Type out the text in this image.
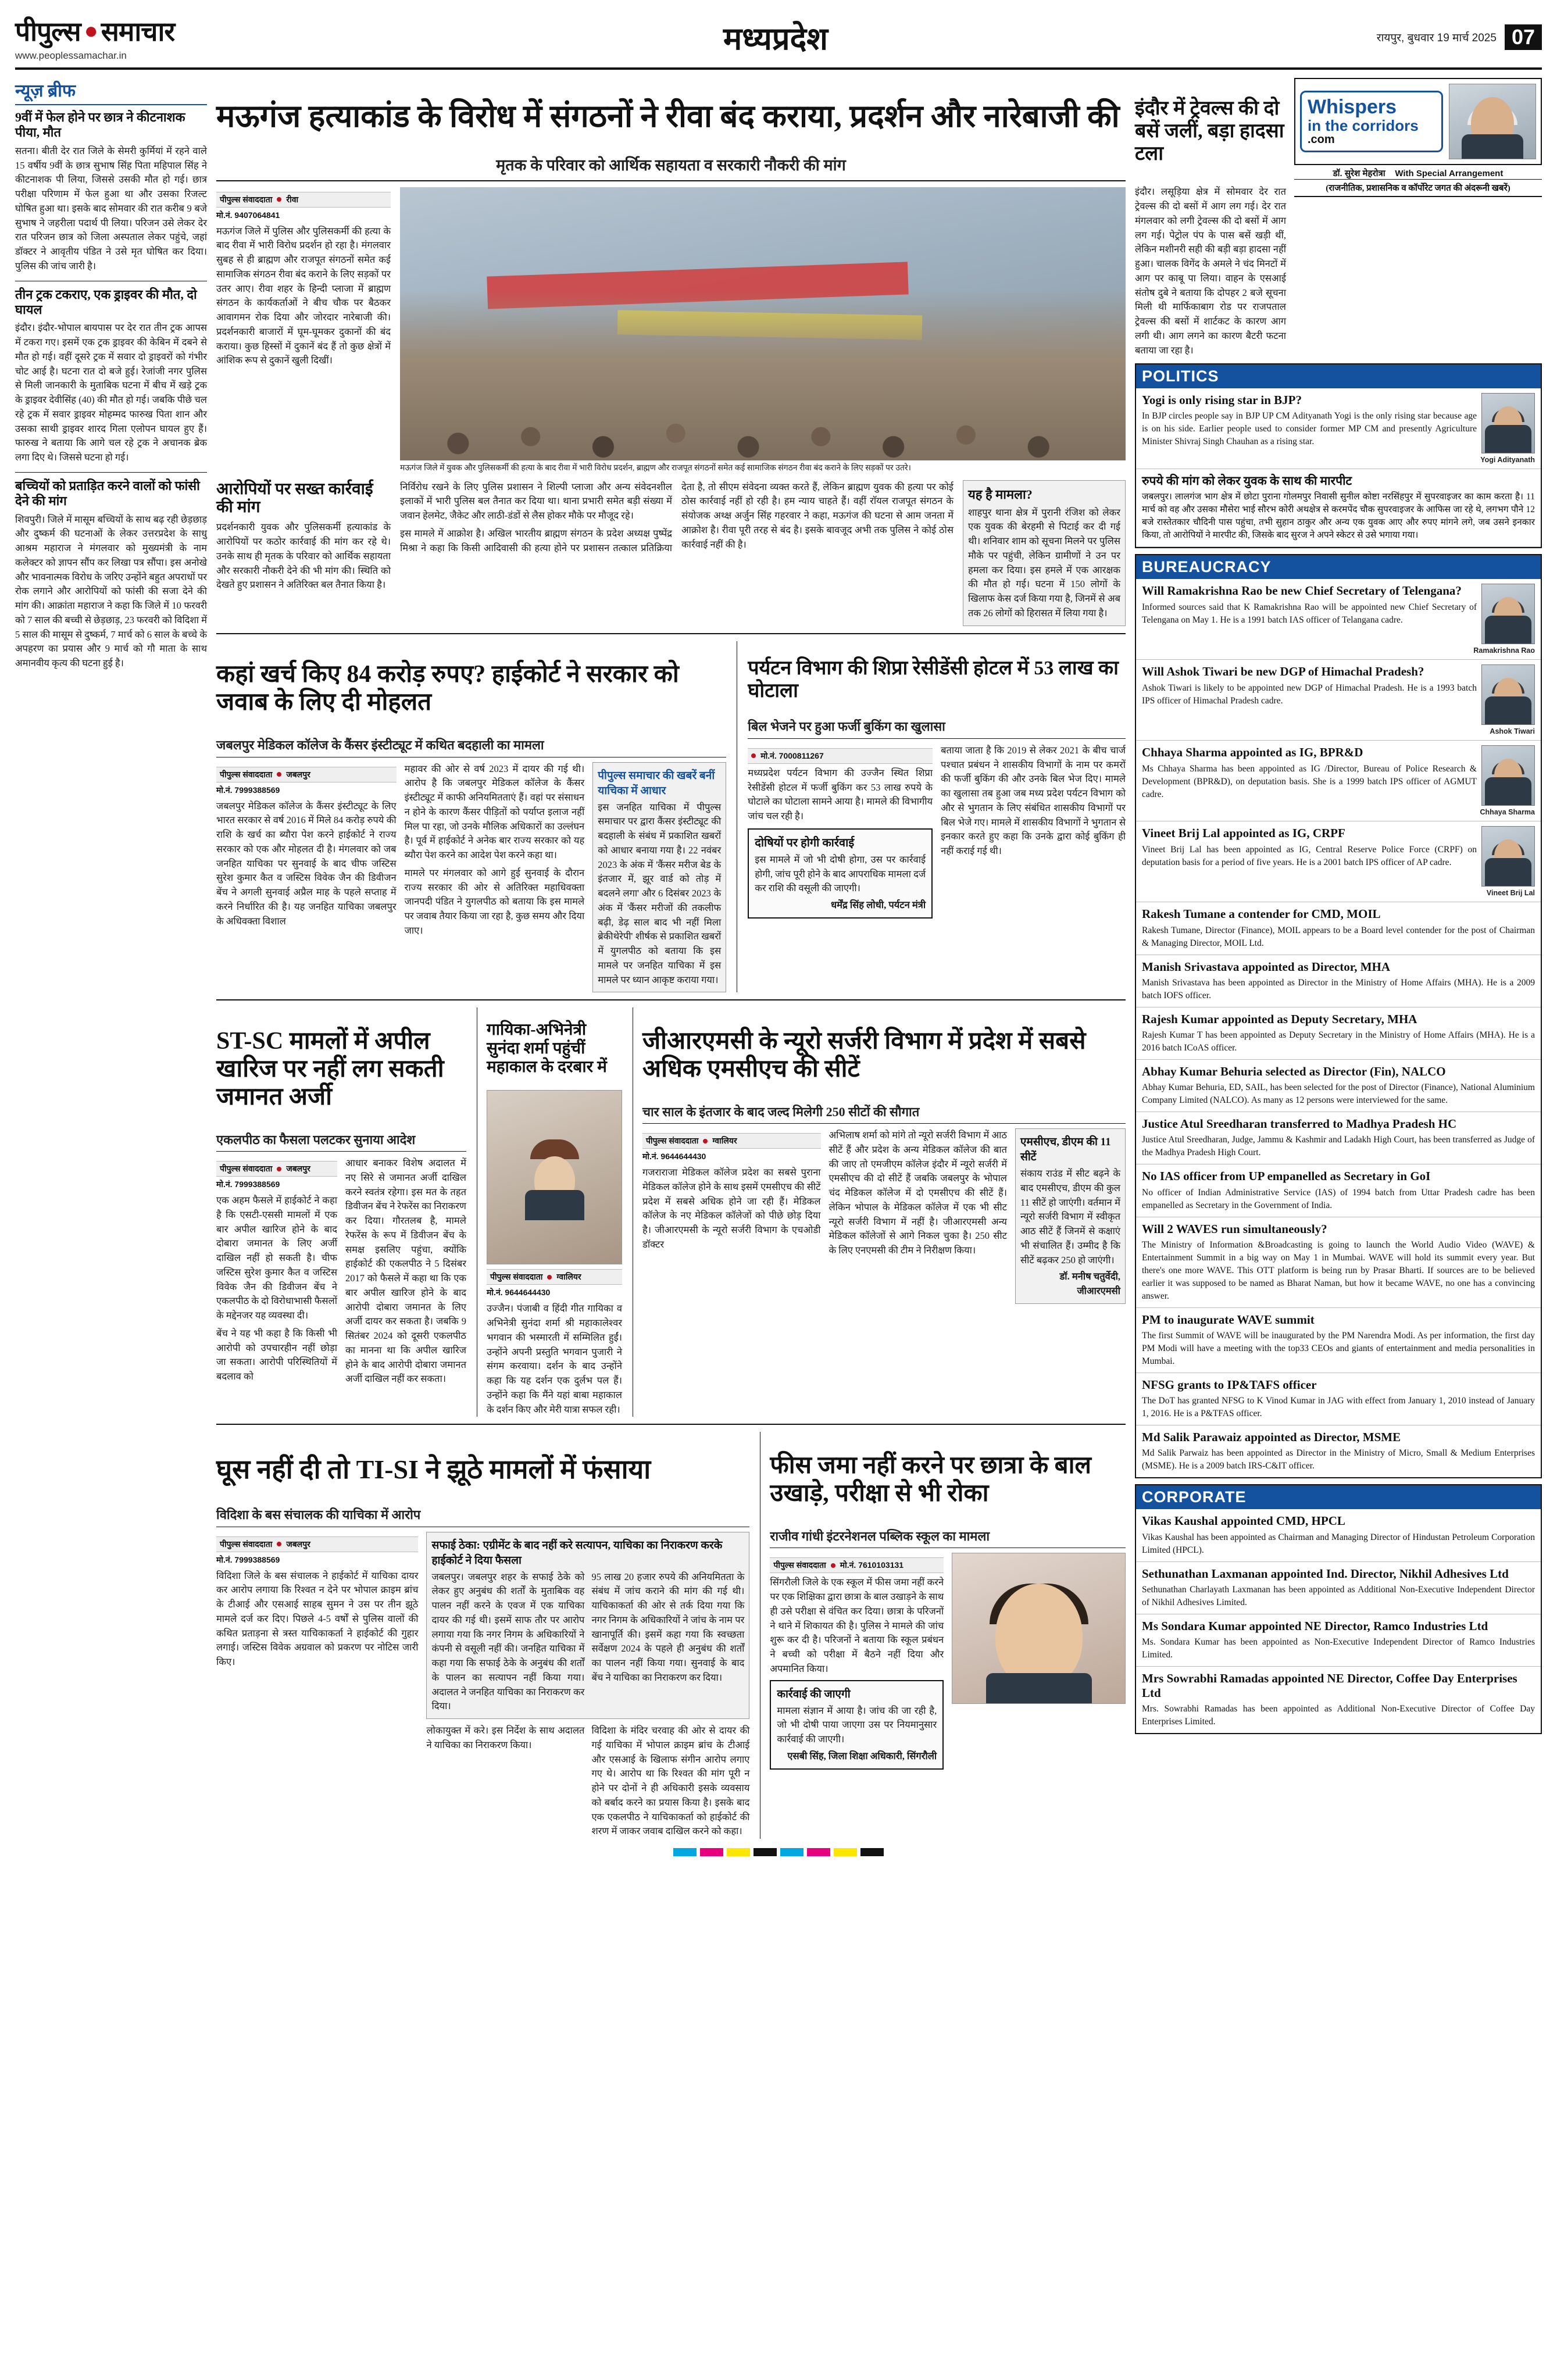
पीपुल्स ● समाचार
www.peoplessamachar.in	मध्यप्रदेश	रायपुर, बुधवार 19 मार्च 2025 07
न्यूज़ ब्रीफ
9वीं में फेल होने पर छात्र ने कीटनाशक पीया, मौत
सतना। बीती देर रात जिले के सेमरी कुर्मियां में रहने वाले 15 वर्षीय 9वीं के छात्र सुभाष सिंह पिता महिपाल सिंह ने कीटनाशक पी लिया, जिससे उसकी मौत हो गई। छात्र परीक्षा परिणाम में फेल हुआ था और उसका रिजल्ट घोषित हुआ था। इसके बाद सोमवार की रात करीब 9 बजे सुभाष ने जहरीला पदार्थ पी लिया। परिजन उसे लेकर देर रात परिजन छात्र को जिला अस्पताल लेकर पहुंचे, जहां डॉक्टर ने आवृतीय पंडित ने उसे मृत घोषित कर दिया। पुलिस की जांच जारी है।
तीन ट्रक टकराए, एक ड्राइवर की मौत, दो घायल
इंदौर। इंदौर-भोपाल बायपास पर देर रात तीन ट्रक आपस में टकरा गए। इसमें एक ट्रक ड्राइवर की केबिन में दबने से मौत हो गई। वहीं दूसरे ट्रक में सवार दो ड्राइवरों को गंभीर चोट आई है। घटना रात दो बजे हुई। रेजांजी नगर पुलिस से मिली जानकारी के मुताबिक घटना में बीच में खड़े ट्रक के ड्राइवर देवीसिंह (40) की मौत हो गई। जबकि पीछे चल रहे ट्रक में सवार ड्राइवर मोहम्मद फारुख पिता शान और उसका साथी ड्राइवर शारद गिला एलोपन घायल हुए हैं। फारुख ने बताया कि आगे चल रहे ट्रक ने अचानक ब्रेक लगा दिए थे। जिससे घटना हो गई।
बच्चियों को प्रताड़ित करने वालों को फांसी देने की मांग
शिवपुरी। जिले में मासूम बच्चियों के साथ बढ़ रही छेड़छाड़ और दुष्कर्म की घटनाओं के लेकर उत्तरप्रदेश के साधु आश्रम महाराज ने मंगलवार को मुख्यमंत्री के नाम कलेक्टर को ज्ञापन सौंप कर लिखा पत्र सौंपा। इस अनोखे और भावनात्मक विरोध के जरिए उन्होंने बहुत अपराधों पर रोक लगाने और आरोपियों को फांसी की सजा देने की मांग की। आक्रांता महाराज ने कहा कि जिले में 10 फरवरी को 7 साल की बच्ची से छेड़छाड़, 23 फरवरी को विदिशा में 5 साल की मासूम से दुष्कर्म, 7 मार्च को 6 साल के बच्चे के अपहरण का प्रयास और 9 मार्च को गौ माता के साथ अमानवीय कृत्य की घटना हुई है।
मऊगंज हत्याकांड के विरोध में संगठनों ने रीवा बंद कराया, प्रदर्शन और नारेबाजी की
मृतक के परिवार को आर्थिक सहायता व सरकारी नौकरी की मांग
पीपुल्स संवाददाता रीवा
मो.नं. 9407064841
मऊगंज जिले में पुलिस और पुलिसकर्मी की हत्या के बाद रीवा में भारी विरोध प्रदर्शन हो रहा है। मंगलवार सुबह से ही ब्राह्मण और राजपूत संगठनों समेत कई सामाजिक संगठन रीवा बंद कराने के लिए सड़कों पर उतर आए। रीवा शहर के हिन्दी प्लाजा में ब्राह्मण संगठन के कार्यकर्ताओं ने बीच चौक पर बैठकर आवागमन रोक दिया और जोरदार नारेबाजी की। प्रदर्शनकारी बाजारों में घूम-घूमकर दुकानों की बंद कराया। कुछ हिस्सों में दुकानें बंद हैं तो कुछ क्षेत्रों में आंशिक रूप से दुकानें खुली दिखीं।
मऊगंज जिले में युवक और पुलिसकर्मी की हत्या के बाद रीवा में भारी विरोध प्रदर्शन, ब्राह्मण और राजपूत संगठनों समेत कई सामाजिक संगठन रीवा बंद कराने के लिए सड़कों पर उतरे।
आरोपियों पर सख्त कार्रवाई की मांग
प्रदर्शनकारी युवक और पुलिसकर्मी हत्याकांड के आरोपियों पर कठोर कार्रवाई की मांग कर रहे थे। उनके साथ ही मृतक के परिवार को आर्थिक सहायता और सरकारी नौकरी देने की भी मांग की। स्थिति को देखते हुए प्रशासन ने अतिरिक्त बल तैनात किया है।
निर्विरोध रखने के लिए पुलिस प्रशासन ने शिल्पी प्लाजा और अन्य संवेदनशील इलाकों में भारी पुलिस बल तैनात कर दिया था। थाना प्रभारी समेत बड़ी संख्या में जवान हेलमेट, जैकेट और लाठी-डंडों से लैस होकर मौके पर मौजूद रहे।
इस मामले में आक्रोश है। अखिल भारतीय ब्राह्मण संगठन के प्रदेश अध्यक्ष पुष्पेंद्र मिश्रा ने कहा कि किसी आदिवासी की हत्या होने पर प्रशासन तत्काल प्रतिक्रिया देता है, तो सीएम संवेदना व्यक्त करते हैं, लेकिन ब्राह्मण युवक की हत्या पर कोई ठोस कार्रवाई नहीं हो रही है। हम न्याय चाहते हैं। वहीं राॅयल राजपूत संगठन के संयोजक अथ्क्ष अर्जुन सिंह गहरवार ने कहा, मऊगंज की घटना से आम जनता में आक्रोश है। रीवा पूरी तरह से बंद है। इसके बावजूद अभी तक पुलिस ने कोई ठोस कार्रवाई नहीं की है।
यह है मामला?
शाहपुर थाना क्षेत्र में पुरानी रंजिश को लेकर एक युवक की बेरहमी से पिटाई कर दी गई थी। शनिवार शाम को सूचना मिलने पर पुलिस मौके पर पहुंची, लेकिन ग्रामीणों ने उन पर हमला कर दिया। इस हमले में एक आरक्षक की मौत हो गई। घटना में 150 लोगों के खिलाफ केस दर्ज किया गया है, जिनमें से अब तक 26 लोगों को हिरासत में लिया गया है।
कहां खर्च किए 84 करोड़ रुपए? हाईकोर्ट ने सरकार को जवाब के लिए दी मोहलत
जबलपुर मेडिकल कॉलेज के कैंसर इंस्टीट्यूट में कथित बदहाली का मामला
पीपुल्स संवाददाता जबलपुर
मो.नं. 7999388569
जबलपुर मेडिकल कॉलेज के कैंसर इंस्टीट्यूट के लिए भारत सरकार से वर्ष 2016 में मिले 84 करोड़ रुपये की राशि के खर्च का ब्यौरा पेश करने हाईकोर्ट ने राज्य सरकार को एक और मोहलत दी है। मंगलवार को जब जनहित याचिका पर सुनवाई के बाद चीफ जस्टिस सुरेश कुमार कैत व जस्टिस विवेक जैन की डिवीजन बेंच ने अगली सुनवाई अप्रैल माह के पहले सप्ताह में करने निर्धारित की है। यह जनहित याचिका जबलपुर के अधिवक्ता विशाल
महावर की ओर से वर्ष 2023 में दायर की गई थी। आरोप है कि जबलपुर मेडिकल कॉलेज के कैंसर इंस्टीट्यूट में काफी अनियमितताएं हैं। वहां पर संसाधन न होने के कारण कैंसर पीड़ितों को पर्याप्त इलाज नहीं मिल पा रहा, जो उनके मौलिक अधिकारों का उल्लंघन है। पूर्व में हाईकोर्ट ने अनेक बार राज्य सरकार को यह ब्यौरा पेश करने का आदेश पेश करने कहा था।
मामले पर मंगलवार को आगे हुई सुनवाई के दौरान राज्य सरकार की ओर से अतिरिक्त महाधिवक्ता जानपदी पंडित ने युगलपीठ को बताया कि इस मामले पर जवाब तैयार किया जा रहा है, कुछ समय और दिया जाए।
पीपुल्स समाचार की खबरें बनीं याचिका में आधार
इस जनहित याचिका में पीपुल्स समाचार पर द्वारा कैंसर इंस्टीट्यूट की बदहाली के संबंध में प्रकाशित खबरों को आधार बनाया गया है। 22 नवंबर 2023 के अंक में 'कैंसर मरीज बेड के इंतजार में, झूर वार्ड को तोड़ में बदलने लगा' और 6 दिसंबर 2023 के अंक में 'कैंसर मरीजों की तकलीफ बढ़ी, डेढ़ साल बाद भी नहीं मिला ब्रेकीथेरेपी' शीर्षक से प्रकाशित खबरों में युगलपीठ को बताया कि इस मामले पर जनहित याचिका में इस मामले पर ध्यान आकृष्ट कराया गया।
पर्यटन विभाग की शिप्रा रेसीडेंसी होटल में 53 लाख का घोटाला
बिल भेजने पर हुआ फर्जी बुकिंग का खुलासा
मो.नं. 7000811267
मध्यप्रदेश पर्यटन विभाग की उज्जैन स्थित शिप्रा रेसीडेंसी होटल में फर्जी बुकिंग कर 53 लाख रुपये के घोटाले का घोटाला सामने आया है। मामले की विभागीय जांच चल रही है।
दोषियों पर होगी कार्रवाई
इस मामले में जो भी दोषी होगा, उस पर कार्रवाई होगी, जांच पूरी होने के बाद आपराधिक मामला दर्ज कर राशि की वसूली की जाएगी।
धर्मेंद्र सिंह लोधी, पर्यटन मंत्री
बताया जाता है कि 2019 से लेकर 2021 के बीच चार्ज पश्चात प्रबंधन ने शासकीय विभागों के नाम पर कमरों की फर्जी बुकिंग की और उनके बिल भेज दिए। मामले का खुलासा तब हुआ जब मध्य प्रदेश पर्यटन विभाग को और से भुगतान के लिए संबंधित शासकीय विभागों पर बिल भेजे गए। मामले में शासकीय विभागों ने भुगतान से इनकार करते हुए कहा कि उनके द्वारा कोई बुकिंग ही नहीं कराई गई थी।
ST-SC मामलों में अपील खारिज पर नहीं लग सकती जमानत अर्जी
एकलपीठ का फैसला पलटकर सुनाया आदेश
पीपुल्स संवाददाता जबलपुर
मो.नं. 7999388569
एक अहम फैसले में हाईकोर्ट ने कहा है कि एसटी-एससी मामलों में एक बार अपील खारिज होने के बाद दोबारा जमानत के लिए अर्जी दाखिल नहीं हो सकती है। चीफ जस्टिस सुरेश कुमार कैत व जस्टिस विवेक जैन की डिवीजन बेंच ने एकलपीठ के दो विरोधाभासी फैसलों के मद्देनजर यह व्यवस्था दी।
बेंच ने यह भी कहा है कि किसी भी आरोपी को उपचारहीन नहीं छोड़ा जा सकता। आरोपी परिस्थितियों में बदलाव को
आधार बनाकर विशेष अदालत में नए सिरे से जमानत अर्जी दाखिल करने स्वतंत्र रहेगा। इस मत के तहत डिवीजन बेंच ने रेफरेंस का निराकरण कर दिया। गौरतलब है, मामले रेफरेंस के रूप में डिवीजन बेंच के समक्ष इसलिए पहुंचा, क्योंकि हाईकोर्ट की एकलपीठ ने 5 दिसंबर 2017 को फैसले में कहा था कि एक बार अपील खारिज होने के बाद आरोपी दोबारा जमानत के लिए अर्जी दायर कर सकता है। जबकि 9 सितंबर 2024 को दूसरी एकलपीठ का मानना था कि अपील खारिज होने के बाद आरोपी दोबारा जमानत अर्जी दाखिल नहीं कर सकता।
गायिका-अभिनेत्री सुनंदा शर्मा पहुंचीं महाकाल के दरबार में
पीपुल्स संवाददाता ग्वालियर
मो.नं. 9644644430
उज्जैन। पंजाबी व हिंदी गीत गायिका व अभिनेत्री सुनंदा शर्मा श्री महाकालेश्वर भगवान की भस्मारती में सम्मिलित हुईं। उन्होंने अपनी प्रस्तुति भगवान पुजारी ने संगम करवाया। दर्शन के बाद उन्होंने कहा कि यह दर्शन एक दुर्लभ पल हैं। उन्होंने कहा कि मैंने यहां बाबा महाकाल के दर्शन किए और मेरी यात्रा सफल रही।
जीआरएमसी के न्यूरो सर्जरी विभाग में प्रदेश में सबसे अधिक एमसीएच की सीटें
चार साल के इंतजार के बाद जल्द मिलेगी 250 सीटों की सौगात
पीपुल्स संवाददाता ग्वालियर
मो.नं. 9644644430
गजराराजा मेडिकल कॉलेज प्रदेश का सबसे पुराना मेडिकल कॉलेज होने के साथ इसमें एमसीएच की सीटें प्रदेश में सबसे अधिक होने जा रही हैं। मेडिकल कॉलेज के नए मेडिकल कॉलेजों को पीछे छोड़ दिया है। जीआरएमसी के न्यूरो सर्जरी विभाग के एचओडी डॉक्टर
अभिलाष शर्मा को मांगे तो न्यूरो सर्जरी विभाग में आठ सीटें हैं और प्रदेश के अन्य मेडिकल कॉलेज की बात की जाए तो एमजीएम कॉलेज इंदौर में न्यूरो सर्जरी में एमसीएच की दो सीटें हैं जबकि जबलपुर के भोपाल चंद मेडिकल कॉलेज में दो एमसीएच की सीटें हैं। लेकिन भोपाल के मेडिकल कॉलेज में एक भी सीट न्यूरो सर्जरी विभाग में नहीं है। जीआरएमसी अन्य मेडिकल कॉलेजों से आगे निकल चुका है। 250 सीट के लिए एनएमसी की टीम ने निरीक्षण किया।
एमसीएच, डीएम की 11 सीटें
संकाय राउंड में सीट बढ़ने के बाद एमसीएच, डीएम की कुल 11 सीटें हो जाएंगी। वर्तमान में न्यूरो सर्जरी विभाग में स्वीकृत आठ सीटें हैं जिनमें से कक्षाएं भी संचालित हैं। उम्मीद है कि सीटें बढ़कर 250 हो जाएंगी।
डॉ. मनीष चतुर्वेदी, जीआरएमसी
घूस नहीं दी तो TI-SI ने झूठे मामलों में फंसाया
विदिशा के बस संचालक की याचिका में आरोप
पीपुल्स संवाददाता जबलपुर
मो.नं. 7999388569
विदिशा जिले के बस संचालक ने हाईकोर्ट में याचिका दायर कर आरोप लगाया कि रिश्वत न देने पर भोपाल क्राइम ब्रांच के टीआई और एसआई साहब सुमन ने उस पर तीन झूठे मामले दर्ज कर दिए। पिछले 4-5 वर्षों से पुलिस वालों की कथित प्रताड़ना से त्रस्त याचिकाकर्ता ने हाईकोर्ट की गुहार लगाई। जस्टिस विवेक अग्रवाल को प्रकरण पर नोटिस जारी किए।
सफाई ठेका: एग्रीमेंट के बाद नहीं करे सत्यापन, याचिका का निराकरण करके हाईकोर्ट ने दिया फैसला
जबलपुर। जबलपुर शहर के सफाई ठेके को लेकर हुए अनुबंध की शर्तों के मुताबिक वह पालन नहीं करने के एवज में एक याचिका दायर की गई थी। इसमें साफ तौर पर आरोप लगाया गया कि नगर निगम के अधिकारियों ने कंपनी से वसूली नहीं की। जनहित याचिका में कहा गया कि सफाई ठेके के अनुबंध की शर्तों के पालन का सत्यापन नहीं किया गया। अदालत ने जनहित याचिका का निराकरण कर दिया।
95 लाख 20 हजार रुपये की अनियमितता के संबंध में जांच कराने की मांग की गई थी। याचिकाकर्ता की ओर से तर्क दिया गया कि नगर निगम के अधिकारियों ने जांच के नाम पर खानापूर्ति की। इसमें कहा गया कि स्वच्छता सर्वेक्षण 2024 के पहले ही अनुबंध की शर्तों का पालन नहीं किया गया। सुनवाई के बाद बेंच ने याचिका का निराकरण कर दिया।
लोकायुक्त में करे। इस निर्देश के साथ अदालत ने याचिका का निराकरण किया।
विदिशा के मंदिर चरवाह की ओर से दायर की गई याचिका में भोपाल क्राइम ब्रांच के टीआई और एसआई के खिलाफ संगीन आरोप लगाए गए थे। आरोप था कि रिश्वत की मांग पूरी न होने पर दोनों ने ही अधिकारी इसके व्यवसाय को बर्बाद करने का प्रयास किया है। इसके बाद एक एकलपीठ ने याचिकाकर्ता को हाईकोर्ट की शरण में जाकर जवाब दाखिल करने को कहा।
फीस जमा नहीं करने पर छात्रा के बाल उखाड़े, परीक्षा से भी रोका
राजीव गांधी इंटरनेशनल पब्लिक स्कूल का मामला
पीपुल्स संवाददाता मो.नं. 7610103131
सिंगरौली जिले के एक स्कूल में फीस जमा नहीं करने पर एक शिक्षिका द्वारा छात्रा के बाल उखाड़ने के साथ ही उसे परीक्षा से वंचित कर दिया। छात्रा के परिजनों ने थाने में शिकायत की है। पुलिस ने मामले की जांच शुरू कर दी है। परिजनों ने बताया कि स्कूल प्रबंधन ने बच्ची को परीक्षा में बैठने नहीं दिया और अपमानित किया।
कार्रवाई की जाएगी
मामला संज्ञान में आया है। जांच की जा रही है, जो भी दोषी पाया जाएगा उस पर नियमानुसार कार्रवाई की जाएगी।
एसबी सिंह, जिला शिक्षा अधिकारी, सिंगरौली
इंदौर में ट्रेवल्स की दो बसें जलीं, बड़ा हादसा टला
इंदौर। लसूड़िया क्षेत्र में सोमवार देर रात ट्रेवल्स की दो बसों में आग लग गई। देर रात मंगलवार को लगी ट्रेवल्स की दो बसों में आग लग गई। पेट्रोल पंप के पास बसें खड़ी थीं, लेकिन मशीनरी सही की बड़ी बड़ा हादसा नहीं हुआ। चालक विगेंद के अमले ने चंद मिनटों में आग पर काबू पा लिया। वाहन के एसआई संतोष दुबे ने बताया कि दोपहर 2 बजे सूचना मिली थी मार्फिकाबाग रोड पर राजपताल ट्रेवल्स की बसों में शार्टकट के कारण आग लगी थी। आग लगने का कारण बैटरी फटना बताया जा रहा है।
Whispers
in the corridors
.com
डॉ. सुरेश मेहरोत्रा With Special Arrangement
(राजनीतिक, प्रशासनिक व कॉर्पोरेट जगत की अंदरूनी खबरें)
POLITICS
Yogi is only rising star in BJP?

In BJP circles people say in BJP UP CM Adityanath Yogi is the only rising star because age is on his side. Earlier people used to consider former MP CM and presently Agriculture Minister Shivraj Singh Chauhan as a rising star.

Yogi Adityanath
रुपये की मांग को लेकर युवक के साथ की मारपीट

जबलपुर। लालगंज भाग क्षेत्र में छोटा पुराना गोलमपुर निवासी सुनील कोष्टा नरसिंहपुर में सुपरवाइजर का काम करता है। 11 मार्च को वह और उसका मौसेरा भाई सौरभ कोरी अथक्षेत्र से करमपेंद चौक सुपरवाइजर के आफिस जा रहे थे, लगभग पौने 12 बजे रास्तेतकार चौदिनी पास पहुंचा, तभी सुहान ठाकुर और अन्य एक युवक आए और रुपए मांगने लगे, जब उसने इनकार किया, तो आरोपियों ने मारपीट की, जिसके बाद सुरज ने अपने स्केटर से उसे भगाया गया।

BUREAUCRACY
Will Ramakrishna Rao be new Chief Secretary of Telengana?

Informed sources said that K Ramakrishna Rao will be appointed new Chief Secretary of Telengana on May 1. He is a 1991 batch IAS officer of Telangana cadre.

Ramakrishna Rao
Will Ashok Tiwari be new DGP of Himachal Pradesh?

Ashok Tiwari is likely to be appointed new DGP of Himachal Pradesh. He is a 1993 batch IPS officer of Himachal Pradesh cadre.

Ashok Tiwari
Chhaya Sharma appointed as IG, BPR&D

Ms Chhaya Sharma has been appointed as IG /Director, Bureau of Police Research & Development (BPR&D), on deputation basis. She is a 1999 batch IPS officer of AGMUT cadre.

Chhaya Sharma
Vineet Brij Lal appointed as IG, CRPF

Vineet Brij Lal has been appointed as IG, Central Reserve Police Force (CRPF) on deputation basis for a period of five years. He is a 2001 batch IPS officer of AP cadre.

Vineet Brij Lal
Rakesh Tumane a contender for CMD, MOIL

Rakesh Tumane, Director (Finance), MOIL appears to be a Board level contender for the post of Chairman & Managing Director, MOIL Ltd.

Manish Srivastava appointed as Director, MHA

Manish Srivastava has been appointed as Director in the Ministry of Home Affairs (MHA). He is a 2009 batch IOFS officer.

Rajesh Kumar appointed as Deputy Secretary, MHA

Rajesh Kumar T has been appointed as Deputy Secretary in the Ministry of Home Affairs (MHA). He is a 2016 batch ICoAS officer.

Abhay Kumar Behuria selected as Director (Fin), NALCO

Abhay Kumar Behuria, ED, SAIL, has been selected for the post of Director (Finance), National Aluminium Company Limited (NALCO). As many as 12 persons were interviewed for the same.

Justice Atul Sreedharan transferred to Madhya Pradesh HC

Justice Atul Sreedharan, Judge, Jammu & Kashmir and Ladakh High Court, has been transferred as Judge of the Madhya Pradesh High Court.

No IAS officer from UP empanelled as Secretary in GoI

No officer of Indian Administrative Service (IAS) of 1994 batch from Uttar Pradesh cadre has been empanelled as Secretary in the Government of India.

Will 2 WAVES run simultaneously?

The Ministry of Information &Broadcasting is going to launch the World Audio Video (WAVE) & Entertainment Summit in a big way on May 1 in Mumbai. WAVE will hold its summit every year. But there's one more WAVE. This OTT platform is being run by Prasar Bharti. If sources are to be believed earlier it was supposed to be named as Bharat Naman, but how it became WAVE, no one has a convincing answer.

PM to inaugurate WAVE summit

The first Summit of WAVE will be inaugurated by the PM Narendra Modi. As per information, the first day PM Modi will have a meeting with the top33 CEOs and giants of entertainment and media personalities in Mumbai.

NFSG grants to IP&TAFS officer

The DoT has granted NFSG to K Vinod Kumar in JAG with effect from January 1, 2010 instead of January 1, 2016. He is a P&TFAS officer.

Md Salik Parawaiz appointed as Director, MSME

Md Salik Parwaiz has been appointed as Director in the Ministry of Micro, Small & Medium Enterprises (MSME). He is a 2009 batch IRS-C&IT officer.

CORPORATE
Vikas Kaushal appointed CMD, HPCL

Vikas Kaushal has been appointed as Chairman and Managing Director of Hindustan Petroleum Corporation Limited (HPCL).

Sethunathan Laxmanan appointed Ind. Director, Nikhil Adhesives Ltd

Sethunathan Charlayath Laxmanan has been appointed as Additional Non-Executive Independent Director of Nikhil Adhesives Limited.

Ms Sondara Kumar appointed NE Director, Ramco Industries Ltd

Ms. Sondara Kumar has been appointed as Non-Executive Independent Director of Ramco Industries Limited.

Mrs Sowrabhi Ramadas appointed NE Director, Coffee Day Enterprises Ltd

Mrs. Sowrabhi Ramadas has been appointed as Additional Non-Executive Director of Coffee Day Enterprises Limited.
